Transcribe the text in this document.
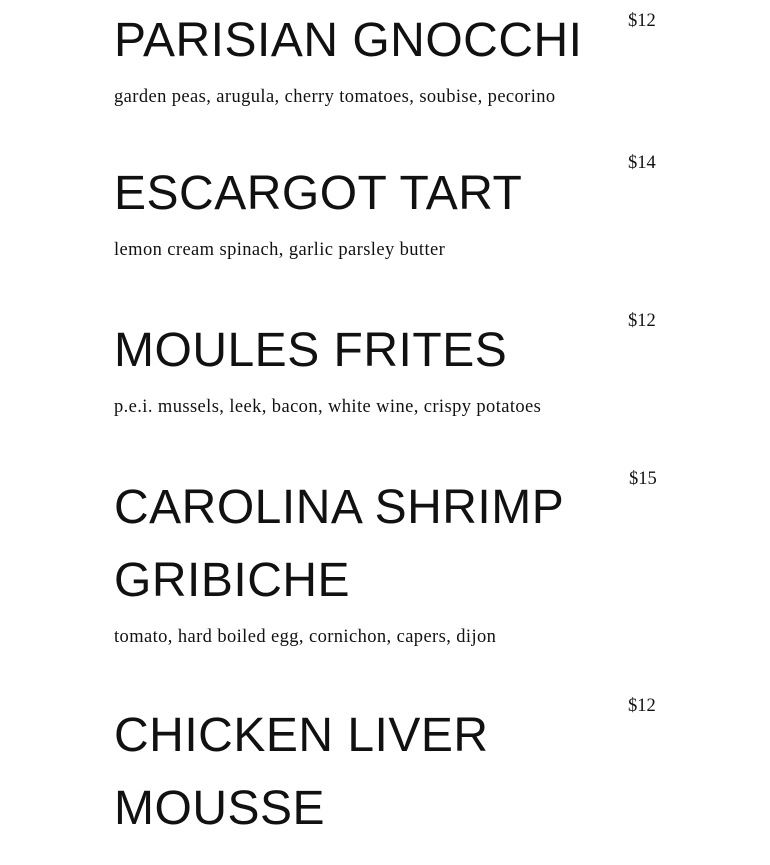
PARISIAN GNOCCHI $12

garden peas, arugula, cherry tomatoes, soubise, pecorino

ESCARGOT TART
$14

lemon cream spinach, garlic parsley butter

MOULES FRITES
$12

p.e.i. mussels, leek, bacon, white wine, crispy potatoes

CAROLINA SHRIMP GRIBICHE
$15

tomato, hard boiled egg, cornichon, capers, dijon

CHICKEN LIVER MOUSSE
$12
